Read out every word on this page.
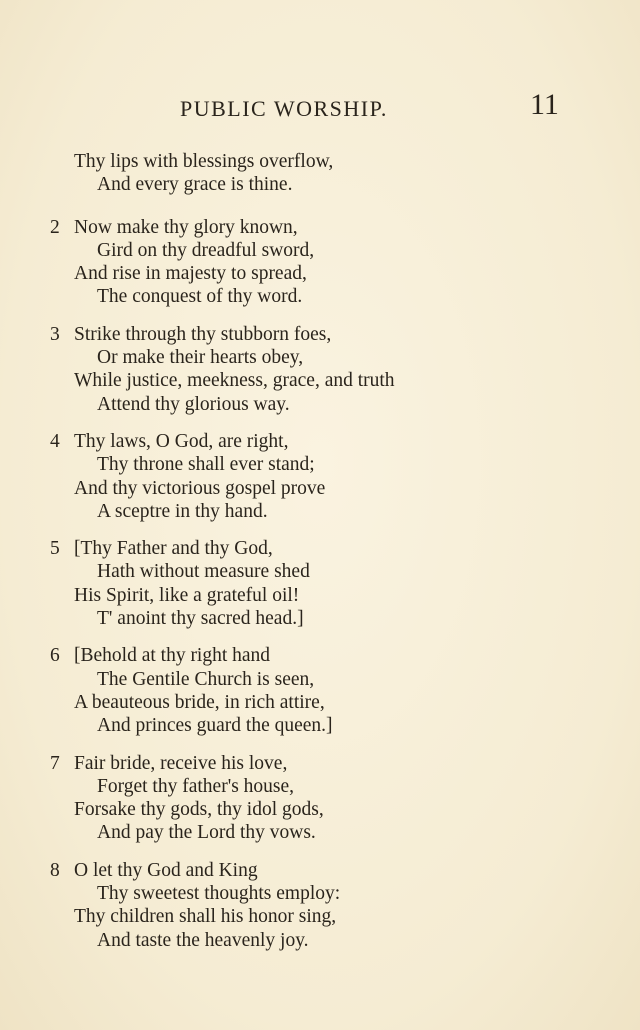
PUBLIC WORSHIP.	11
Thy lips with blessings overflow,
And every grace is thine.
2 Now make thy glory known,
Gird on thy dreadful sword,
And rise in majesty to spread,
The conquest of thy word.
3 Strike through thy stubborn foes,
Or make their hearts obey,
While justice, meekness, grace, and truth
Attend thy glorious way.
4 Thy laws, O God, are right,
Thy throne shall ever stand;
And thy victorious gospel prove
A sceptre in thy hand.
5 [Thy Father and thy God,
Hath without measure shed
His Spirit, like a grateful oil!
T' anoint thy sacred head.]
6 [Behold at thy right hand
The Gentile Church is seen,
A beauteous bride, in rich attire,
And princes guard the queen.]
7 Fair bride, receive his love,
Forget thy father's house,
Forsake thy gods, thy idol gods,
And pay the Lord thy vows.
8 O let thy God and King
Thy sweetest thoughts employ:
Thy children shall his honor sing,
And taste the heavenly joy.
